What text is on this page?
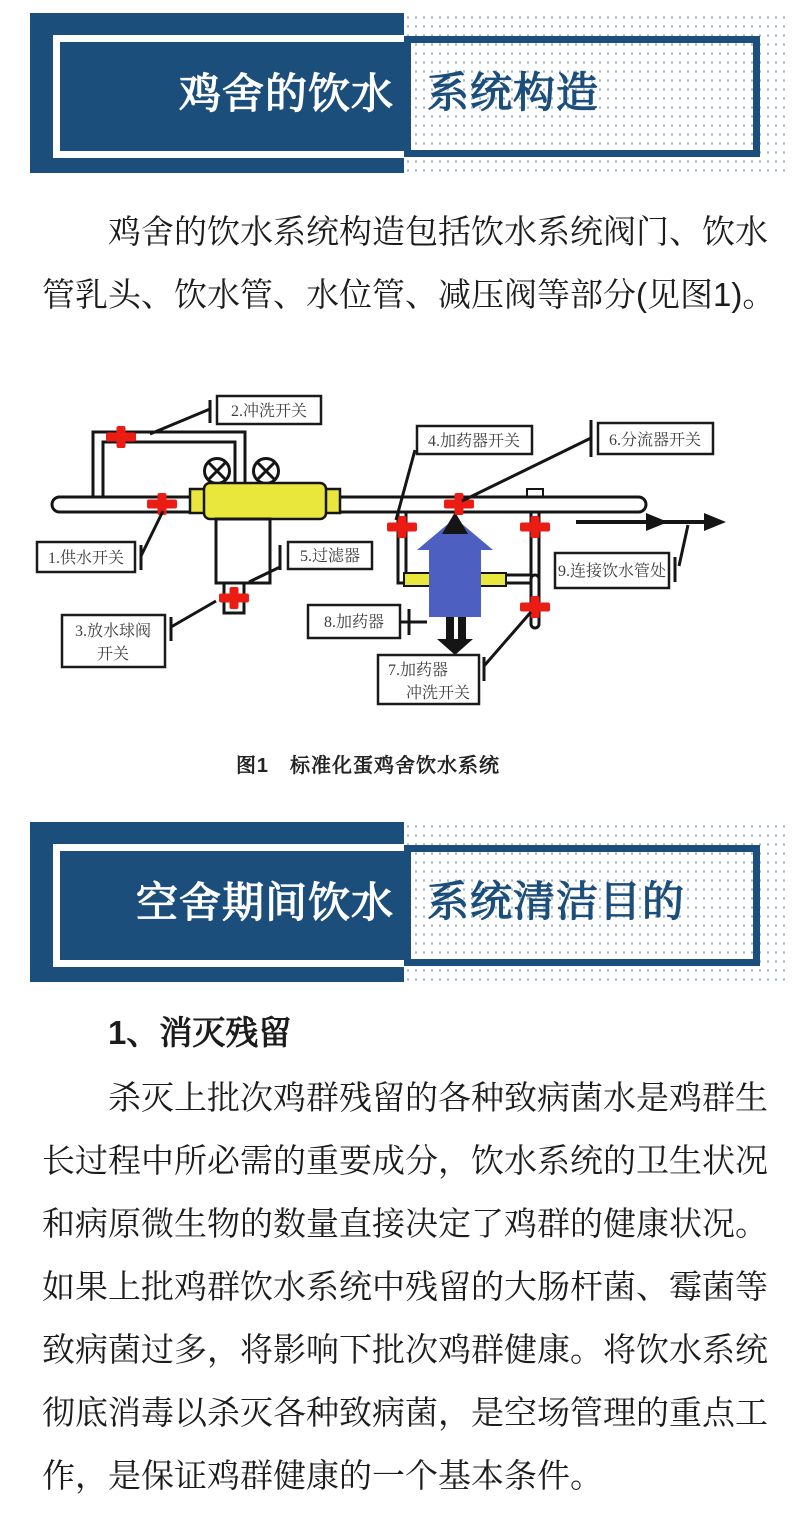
鸡舍的饮水 系统构造
鸡舍的饮水系统构造包括饮水系统阀门、饮水
管乳头、饮水管、水位管、减压阀等部分(见图1)。
1.供水开关
2.冲洗开关
3.放水球阀
开关
4.加药器开关
5.过滤器
6.分流器开关
7.加药器
冲洗开关
8.加药器
9.连接饮水管处
图1　标准化蛋鸡舍饮水系统
空舍期间饮水 系统清洁目的
1、消灭残留
杀灭上批次鸡群残留的各种致病菌水是鸡群生
长过程中所必需的重要成分，饮水系统的卫生状况
和病原微生物的数量直接决定了鸡群的健康状况。
如果上批鸡群饮水系统中残留的大肠杆菌、霉菌等
致病菌过多，将影响下批次鸡群健康。将饮水系统
彻底消毒以杀灭各种致病菌，是空场管理的重点工
作，是保证鸡群健康的一个基本条件。
